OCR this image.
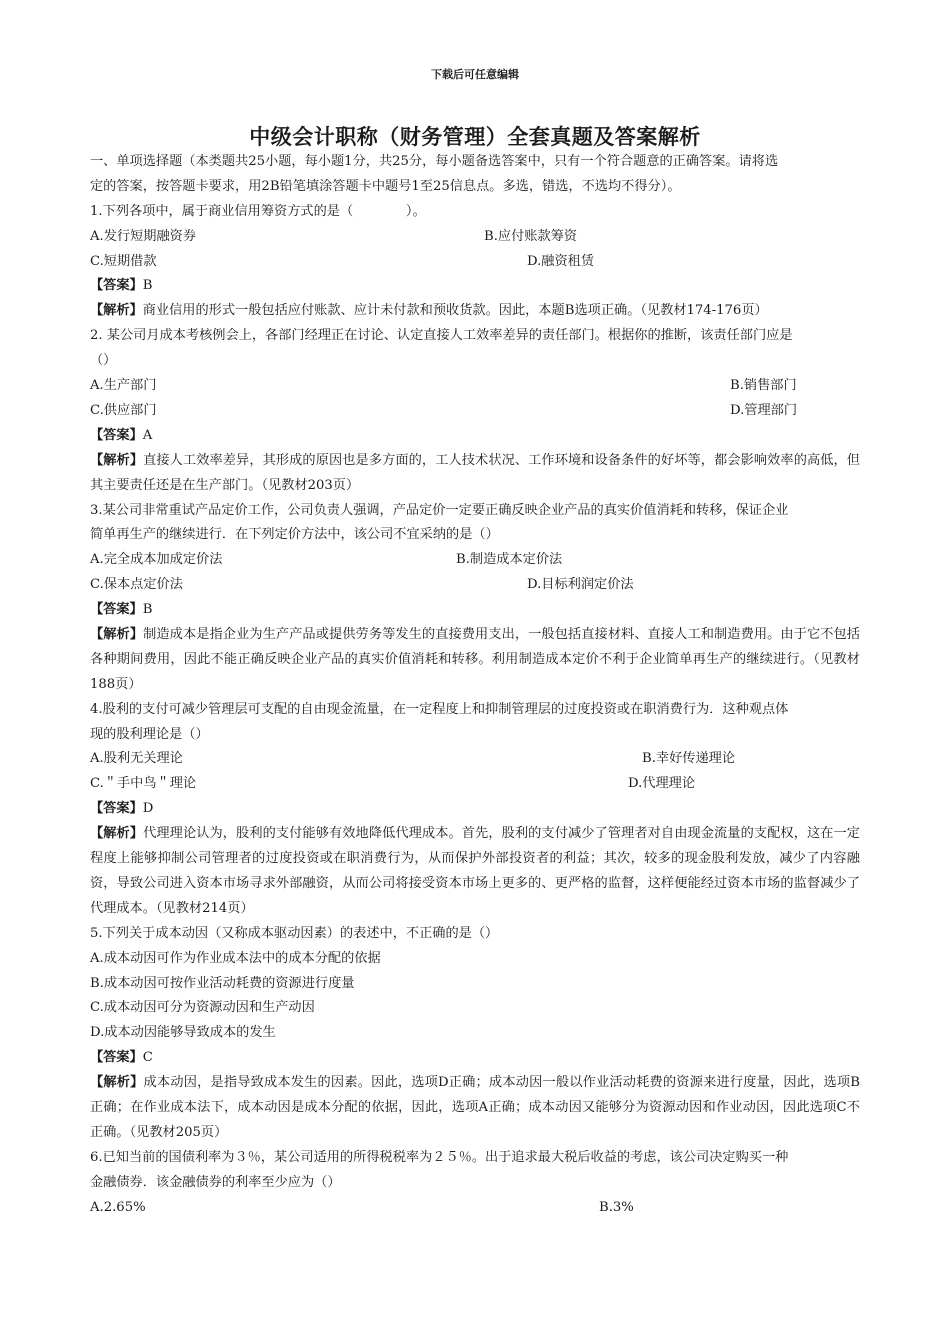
下载后可任意编辑
中级会计职称（财务管理）全套真题及答案解析
一、单项选择题（本类题共25小题，每小题1分，共25分，每小题备选答案中，只有一个符合题意的正确答案。请将选
定的答案，按答题卡要求，用2B铅笔填涂答题卡中题号1至25信息点。多选，错选，不选均不得分）。
1.下列各项中，属于商业信用筹资方式的是（　　　　）。
A.发行短期融资券	B.应付账款筹资
C.短期借款	D.融资租赁
【答案】B
【解析】商业信用的形式一般包括应付账款、应计未付款和预收货款。因此，本题B选项正确。（见教材174-176页）
2. 某公司月成本考核例会上，各部门经理正在讨论、认定直接人工效率差异的责任部门。根据你的推断，该责任部门应是
（）
A.生产部门	B.销售部门
C.供应部门	D.管理部门
【答案】A
【解析】直接人工效率差异，其形成的原因也是多方面的，工人技术状况、工作环境和设备条件的好坏等，都会影响效率的高低，但其主要责任还是在生产部门。（见教材203页）
3.某公司非常重试产品定价工作，公司负责人强调，产品定价一定要正确反映企业产品的真实价值消耗和转移，保证企业
简单再生产的继续进行．在下列定价方法中，该公司不宜采纳的是（）
A.完全成本加成定价法	B.制造成本定价法
C.保本点定价法	D.目标利润定价法
【答案】B
【解析】制造成本是指企业为生产产品或提供劳务等发生的直接费用支出，一般包括直接材料、直接人工和制造费用。由于它不包括各种期间费用，因此不能正确反映企业产品的真实价值消耗和转移。利用制造成本定价不利于企业简单再生产的继续进行。（见教材188页）
4.股利的支付可减少管理层可支配的自由现金流量，在一定程度上和抑制管理层的过度投资或在职消费行为．这种观点体
现的股利理论是（）
A.股利无关理论	B.幸好传递理论
C.＂手中鸟＂理论	D.代理理论
【答案】D
【解析】代理理论认为，股利的支付能够有效地降低代理成本。首先，股利的支付减少了管理者对自由现金流量的支配权，这在一定程度上能够抑制公司管理者的过度投资或在职消费行为，从而保护外部投资者的利益；其次，较多的现金股利发放，减少了内容融资，导致公司进入资本市场寻求外部融资，从而公司将接受资本市场上更多的、更严格的监督，这样便能经过资本市场的监督减少了代理成本。（见教材214页）
5.下列关于成本动因（又称成本驱动因素）的表述中，不正确的是（）
A.成本动因可作为作业成本法中的成本分配的依据
B.成本动因可按作业活动耗费的资源进行度量
C.成本动因可分为资源动因和生产动因
D.成本动因能够导致成本的发生
【答案】C
【解析】成本动因，是指导致成本发生的因素。因此，选项D正确；成本动因一般以作业活动耗费的资源来进行度量，因此，选项B正确；在作业成本法下，成本动因是成本分配的依据，因此，选项A正确；成本动因又能够分为资源动因和作业动因，因此选项C不正确。（见教材205页）
6.已知当前的国债利率为３％，某公司适用的所得税税率为２５％。出于追求最大税后收益的考虑，该公司决定购买一种
金融债券．该金融债券的利率至少应为（）
A.2.65%	B.3%
